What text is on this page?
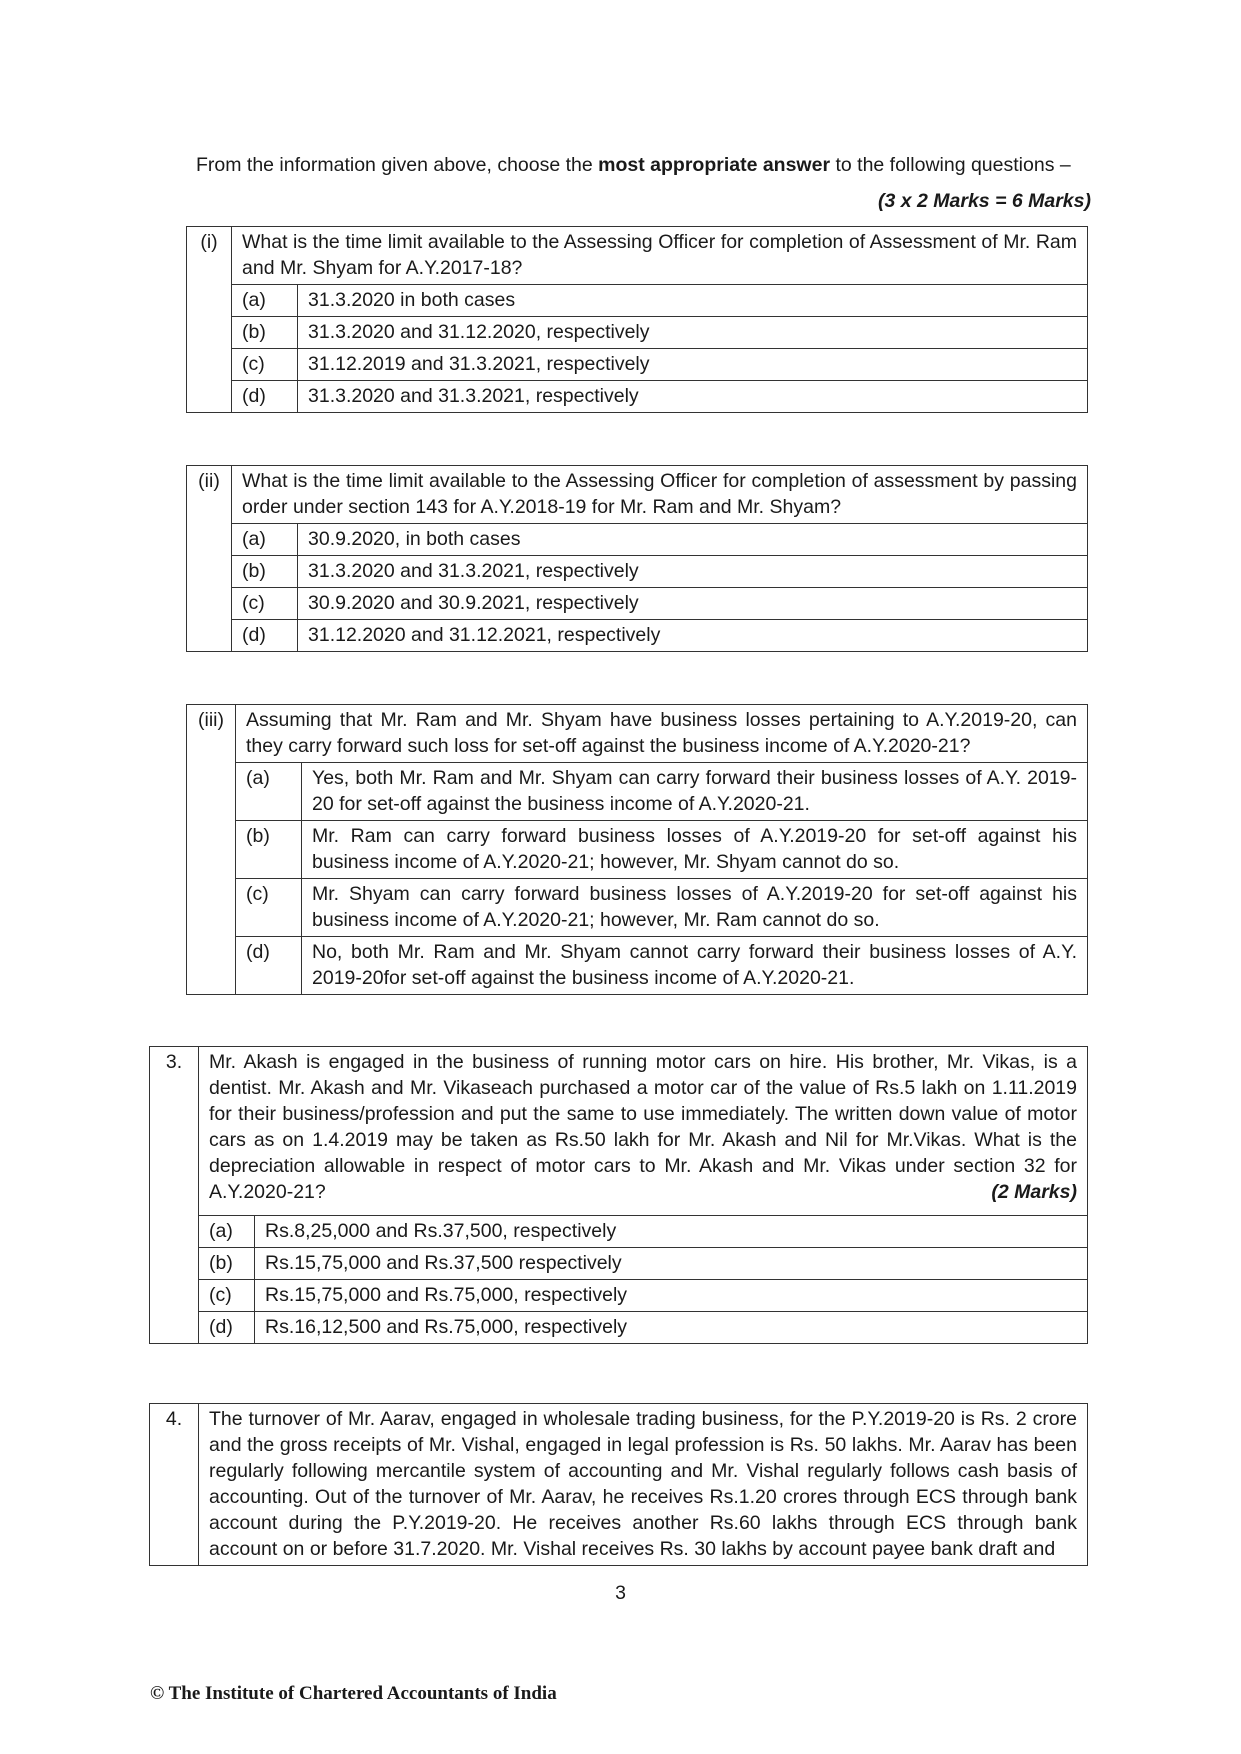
From the information given above, choose the most appropriate answer to the following questions –
(3 x 2 Marks = 6 Marks)
(i)	What is the time limit available to the Assessing Officer for completion of Assessment of Mr. Ram and Mr. Shyam for A.Y.2017-18?	
	(a)	31.3.2020 in both cases
	(b)	31.3.2020 and 31.12.2020, respectively
	(c)	31.12.2019 and 31.3.2021, respectively
	(d)	31.3.2020 and 31.3.2021, respectively
(ii)	What is the time limit available to the Assessing Officer for completion of assessment by passing order under section 143 for A.Y.2018-19 for Mr. Ram and Mr. Shyam?	
	(a)	30.9.2020, in both cases
	(b)	31.3.2020 and 31.3.2021, respectively
	(c)	30.9.2020 and 30.9.2021, respectively
	(d)	31.12.2020 and 31.12.2021, respectively
(iii)	Assuming that Mr. Ram and Mr. Shyam have business losses pertaining to A.Y.2019-20, can they carry forward such loss for set-off against the business income of A.Y.2020-21?	
	(a)	Yes, both Mr. Ram and Mr. Shyam can carry forward their business losses of A.Y. 2019-20 for set-off against the business income of A.Y.2020-21.
	(b)	Mr. Ram can carry forward business losses of A.Y.2019-20 for set-off against his business income of A.Y.2020-21; however, Mr. Shyam cannot do so.
	(c)	Mr. Shyam can carry forward business losses of A.Y.2019-20 for set-off against his business income of A.Y.2020-21; however, Mr. Ram cannot do so.
	(d)	No, both Mr. Ram and Mr. Shyam cannot carry forward their business losses of A.Y. 2019-20for set-off against the business income of A.Y.2020-21.
3.	Mr. Akash is engaged in the business of running motor cars on hire. His brother, Mr. Vikas, is a dentist. Mr. Akash and Mr. Vikaseach purchased a motor car of the value of Rs.5 lakh on 1.11.2019 for their business/profession and put the same to use immediately. The written down value of motor cars as on 1.4.2019 may be taken as Rs.50 lakh for Mr. Akash and Nil for Mr.Vikas. What is the depreciation allowable in respect of motor cars to Mr. Akash and Mr. Vikas under section 32 for A.Y.2020-21? (2 Marks)	

	(a)	Rs.8,25,000 and Rs.37,500, respectively
	(b)	Rs.15,75,000 and Rs.37,500 respectively
	(c)	Rs.15,75,000 and Rs.75,000, respectively
	(d)	Rs.16,12,500 and Rs.75,000, respectively
4.	The turnover of Mr. Aarav, engaged in wholesale trading business, for the P.Y.2019-20 is Rs. 2 crore and the gross receipts of Mr. Vishal, engaged in legal profession is Rs. 50 lakhs. Mr. Aarav has been regularly following mercantile system of accounting and Mr. Vishal regularly follows cash basis of accounting. Out of the turnover of Mr. Aarav, he receives Rs.1.20 crores through ECS through bank account during the P.Y.2019-20. He receives another Rs.60 lakhs through ECS through bank account on or before 31.7.2020. Mr. Vishal receives Rs. 30 lakhs by account payee bank draft and
3
© The Institute of Chartered Accountants of India
